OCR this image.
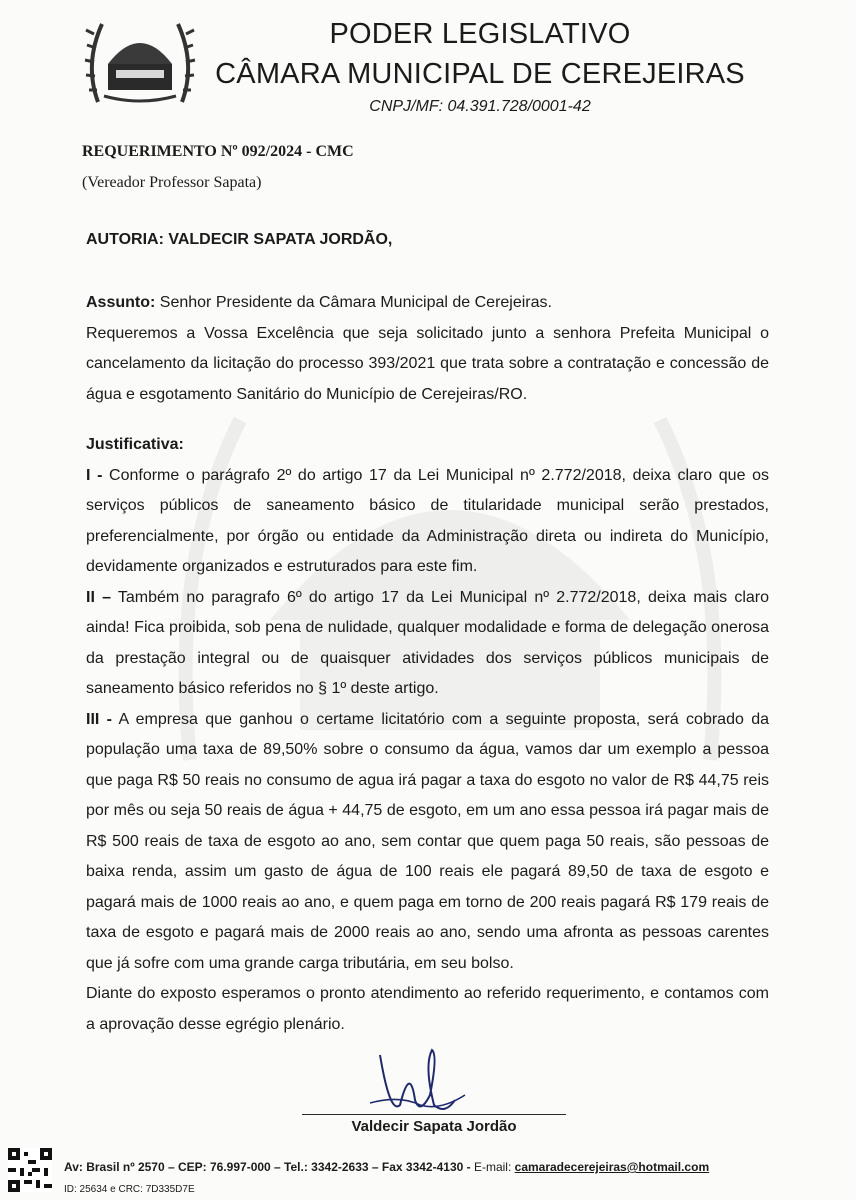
PODER LEGISLATIVO
CÂMARA MUNICIPAL DE CEREJEIRAS
CNPJ/MF: 04.391.728/0001-42
REQUERIMENTO Nº 092/2024 - CMC
(Vereador Professor Sapata)
AUTORIA: VALDECIR SAPATA JORDÃO,

Assunto: Senhor Presidente da Câmara Municipal de Cerejeiras.

Requeremos a Vossa Excelência que seja solicitado junto a senhora Prefeita Municipal o cancelamento da licitação do processo 393/2021 que trata sobre a contratação e concessão de água e esgotamento Sanitário do Município de Cerejeiras/RO.

Justificativa:

I - Conforme o parágrafo 2º do artigo 17 da Lei Municipal nº 2.772/2018, deixa claro que os serviços públicos de saneamento básico de titularidade municipal serão prestados, preferencialmente, por órgão ou entidade da Administração direta ou indireta do Município, devidamente organizados e estruturados para este fim.

II – Também no paragrafo 6º do artigo 17 da Lei Municipal nº 2.772/2018, deixa mais claro ainda! Fica proibida, sob pena de nulidade, qualquer modalidade e forma de delegação onerosa da prestação integral ou de quaisquer atividades dos serviços públicos municipais de saneamento básico referidos no § 1º deste artigo.

III - A empresa que ganhou o certame licitatório com a seguinte proposta, será cobrado da população uma taxa de 89,50% sobre o consumo da água, vamos dar um exemplo a pessoa que paga R$ 50 reais no consumo de agua irá pagar a taxa do esgoto no valor de R$ 44,75 reis por mês ou seja 50 reais de água + 44,75 de esgoto, em um ano essa pessoa irá pagar mais de R$ 500 reais de taxa de esgoto ao ano, sem contar que quem paga 50 reais, são pessoas de baixa renda, assim um gasto de água de 100 reais ele pagará 89,50 de taxa de esgoto e pagará mais de 1000 reais ao ano, e quem paga em torno de 200 reais pagará R$ 179 reais de taxa de esgoto e pagará mais de 2000 reais ao ano, sendo uma afronta as pessoas carentes que já sofre com uma grande carga tributária, em seu bolso.

Diante do exposto esperamos o pronto atendimento ao referido requerimento, e contamos com a aprovação desse egrégio plenário.

Valdecir Sapata Jordão
Av: Brasil nº 2570 – CEP: 76.997-000 – Tel.: 3342-2633 – Fax 3342-4130 - E-mail: camaradecerejeiras@hotmail.com
ID: 25634 e CRC: 7D335D7E
